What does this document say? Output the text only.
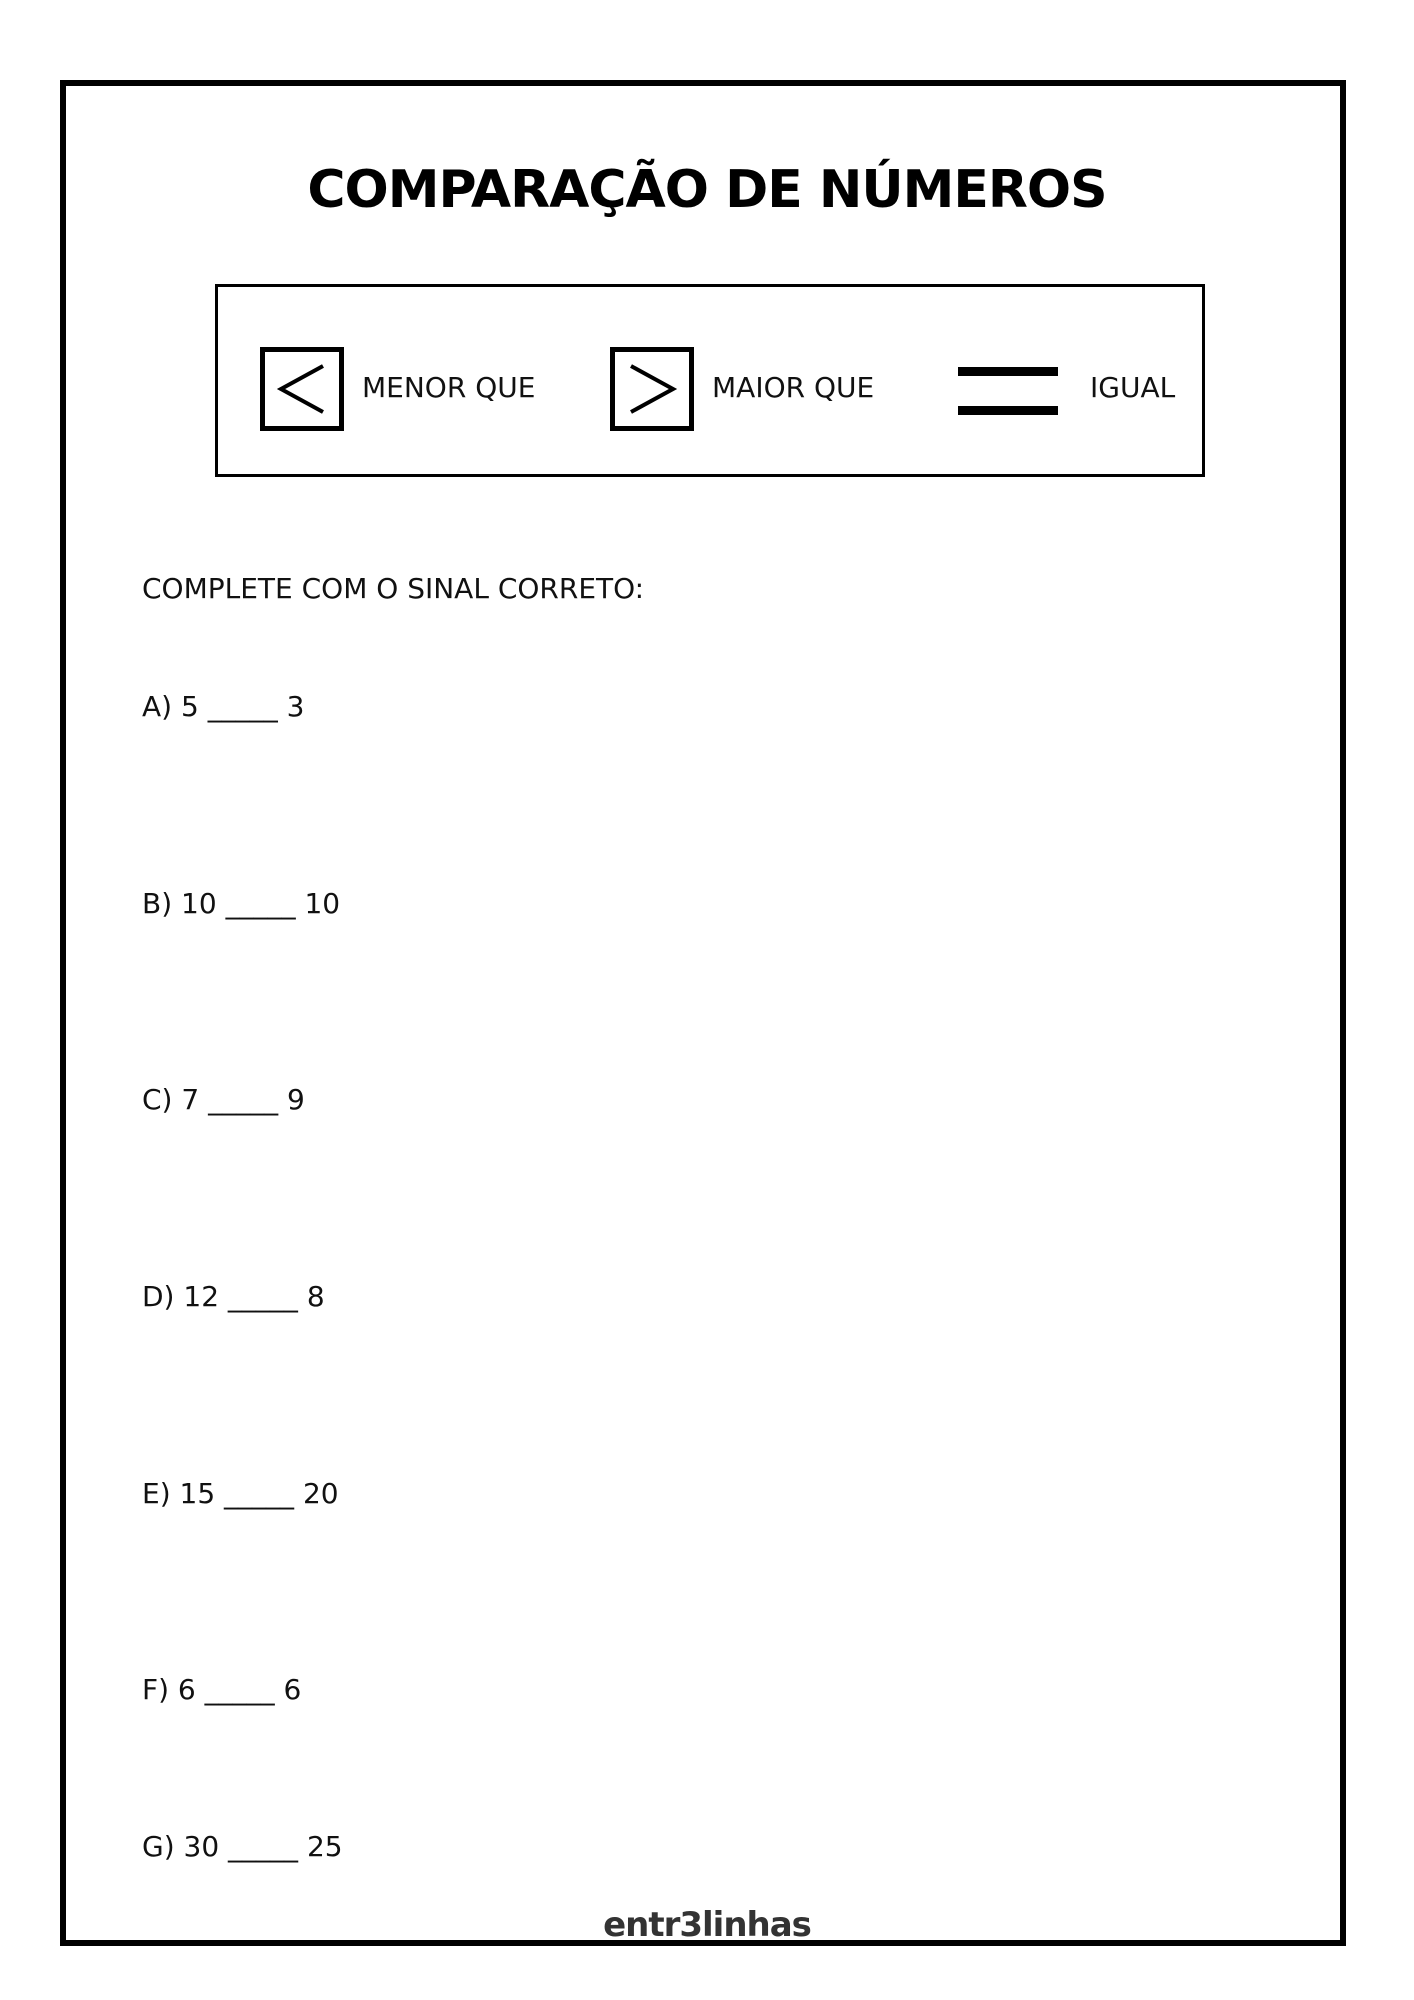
COMPARAÇÃO DE NÚMEROS
MENOR QUE	MAIOR QUE	IGUAL
COMPLETE COM O SINAL CORRETO:
A) 5 _____ 3
B) 10 _____ 10
C) 7 _____ 9
D) 12 _____ 8
E) 15 _____ 20
F) 6 _____ 6
G) 30 _____ 25
entr3linhas
